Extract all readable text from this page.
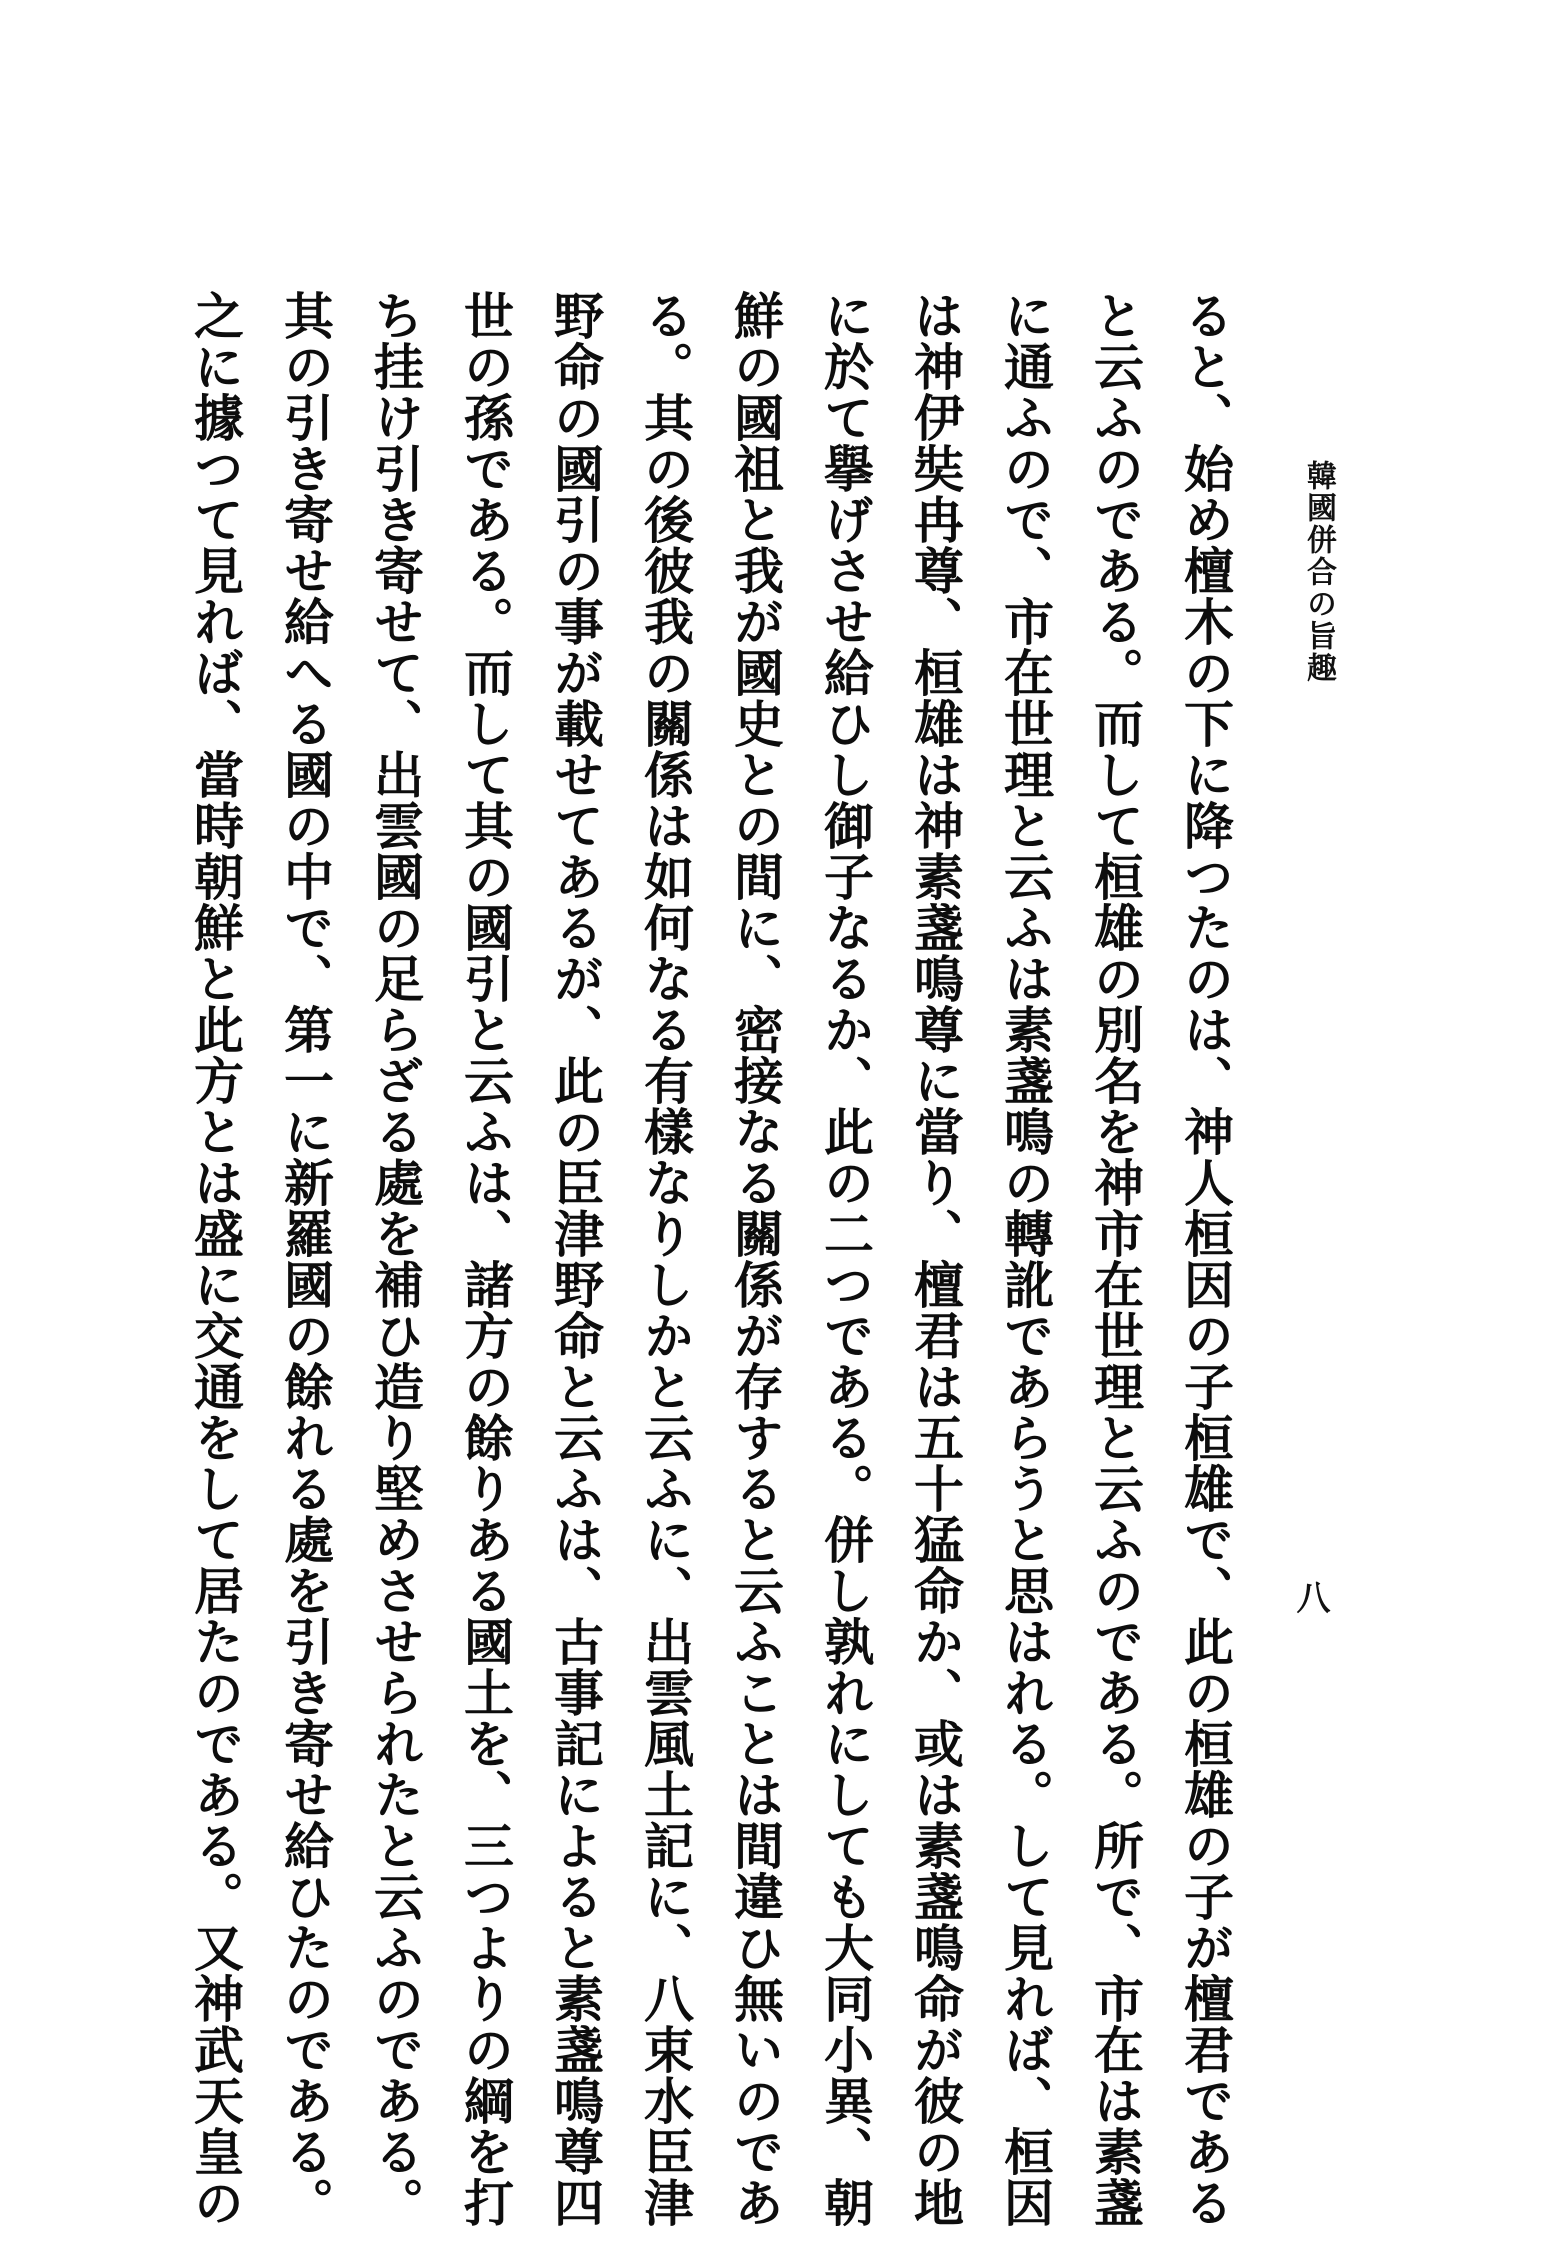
韓國併合の旨趣
八
ると、始め檀木の下に降つたのは、神人桓因の子桓雄で、此の桓雄の子が檀君である
と云ふのである。而して桓雄の別名を神市在世理と云ふのである。所で、市在は素盞
に通ふので、市在世理と云ふは素盞鳴の轉訛であらうと思はれる。して見れば、桓因
は神伊奘冉尊、桓雄は神素盞鳴尊に當り、檀君は五十猛命か、或は素盞鳴命が彼の地
に於て擧げさせ給ひし御子なるか、此の二つである。併し孰れにしても大同小異、朝
鮮の國祖と我が國史との間に、密接なる關係が存すると云ふことは間違ひ無いのであ
る。其の後彼我の關係は如何なる有樣なりしかと云ふに、出雲風土記に、八束水臣津
野命の國引の事が載せてあるが、此の臣津野命と云ふは、古事記によると素盞鳴尊四
世の孫である。而して其の國引と云ふは、諸方の餘りある國土を、三つよりの綱を打
ち挂け引き寄せて、出雲國の足らざる處を補ひ造り堅めさせられたと云ふのである。
其の引き寄せ給へる國の中で、第一に新羅國の餘れる處を引き寄せ給ひたのである。
之に據つて見れば、當時朝鮮と此方とは盛に交通をして居たのである。又神武天皇の
